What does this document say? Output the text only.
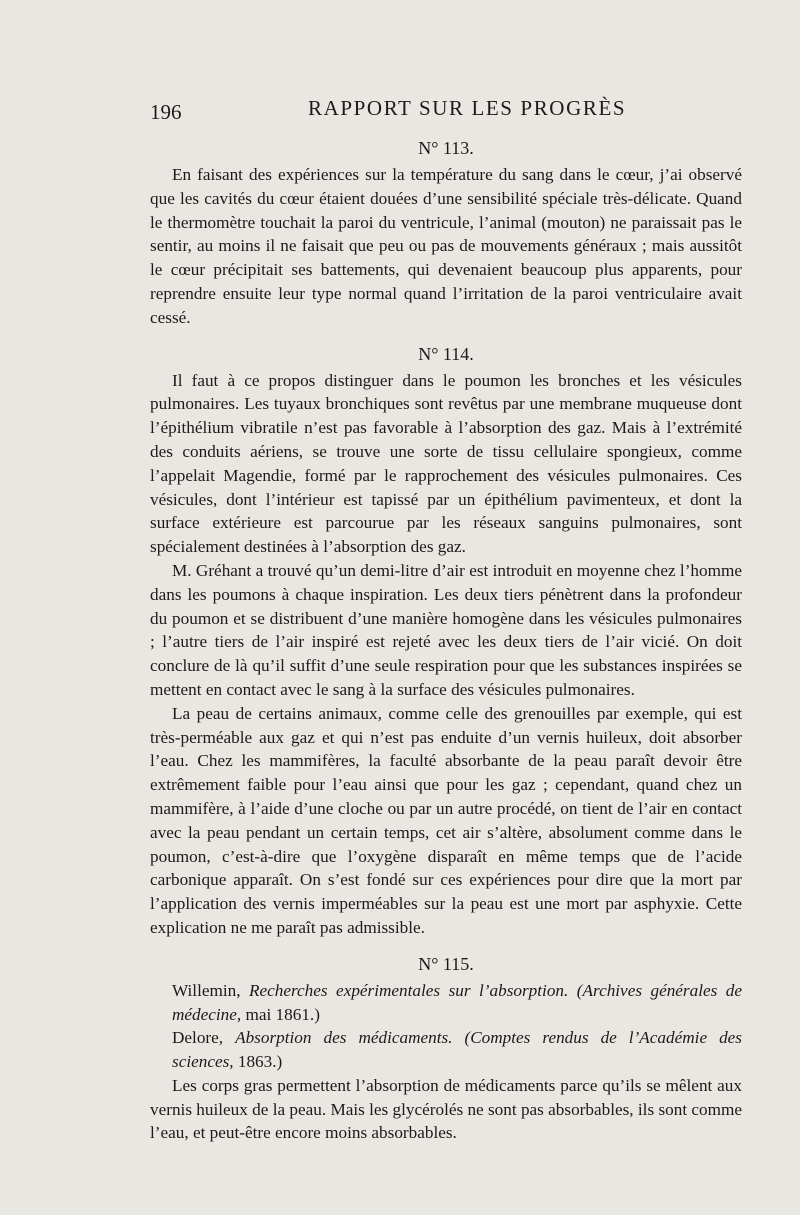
196	RAPPORT SUR LES PROGRÈS
N° 113.

En faisant des expériences sur la température du sang dans le cœur, j’ai observé que les cavités du cœur étaient douées d’une sensibilité spéciale très-délicate. Quand le thermomètre touchait la paroi du ventricule, l’animal (mouton) ne paraissait pas le sentir, au moins il ne faisait que peu ou pas de mouvements généraux ; mais aussitôt le cœur précipitait ses battements, qui devenaient beaucoup plus apparents, pour reprendre ensuite leur type normal quand l’irritation de la paroi ventriculaire avait cessé.

N° 114.

Il faut à ce propos distinguer dans le poumon les bronches et les vésicules pulmonaires. Les tuyaux bronchiques sont revêtus par une membrane muqueuse dont l’épithélium vibratile n’est pas favorable à l’absorption des gaz. Mais à l’extrémité des conduits aériens, se trouve une sorte de tissu cellulaire spongieux, comme l’appelait Magendie, formé par le rapprochement des vésicules pulmonaires. Ces vésicules, dont l’intérieur est tapissé par un épithélium pavimenteux, et dont la surface extérieure est parcourue par les réseaux sanguins pulmonaires, sont spécialement destinées à l’absorption des gaz.

M. Gréhant a trouvé qu’un demi-litre d’air est introduit en moyenne chez l’homme dans les poumons à chaque inspiration. Les deux tiers pénètrent dans la profondeur du poumon et se distribuent d’une manière homogène dans les vésicules pulmonaires ; l’autre tiers de l’air inspiré est rejeté avec les deux tiers de l’air vicié. On doit conclure de là qu’il suffit d’une seule respiration pour que les substances inspirées se mettent en contact avec le sang à la surface des vésicules pulmonaires.

La peau de certains animaux, comme celle des grenouilles par exemple, qui est très-perméable aux gaz et qui n’est pas enduite d’un vernis huileux, doit absorber l’eau. Chez les mammifères, la faculté absorbante de la peau paraît devoir être extrêmement faible pour l’eau ainsi que pour les gaz ; cependant, quand chez un mammifère, à l’aide d’une cloche ou par un autre procédé, on tient de l’air en contact avec la peau pendant un certain temps, cet air s’altère, absolument comme dans le poumon, c’est-à-dire que l’oxygène disparaît en même temps que de l’acide carbonique apparaît. On s’est fondé sur ces expériences pour dire que la mort par l’application des vernis imperméables sur la peau est une mort par asphyxie. Cette explication ne me paraît pas admissible.

N° 115.

Willemin, Recherches expérimentales sur l’absorption. (Archives générales de médecine, mai 1861.)

Delore, Absorption des médicaments. (Comptes rendus de l’Académie des sciences, 1863.)

Les corps gras permettent l’absorption de médicaments parce qu’ils se mêlent aux vernis huileux de la peau. Mais les glycérolés ne sont pas absorbables, ils sont comme l’eau, et peut-être encore moins absorbables.
